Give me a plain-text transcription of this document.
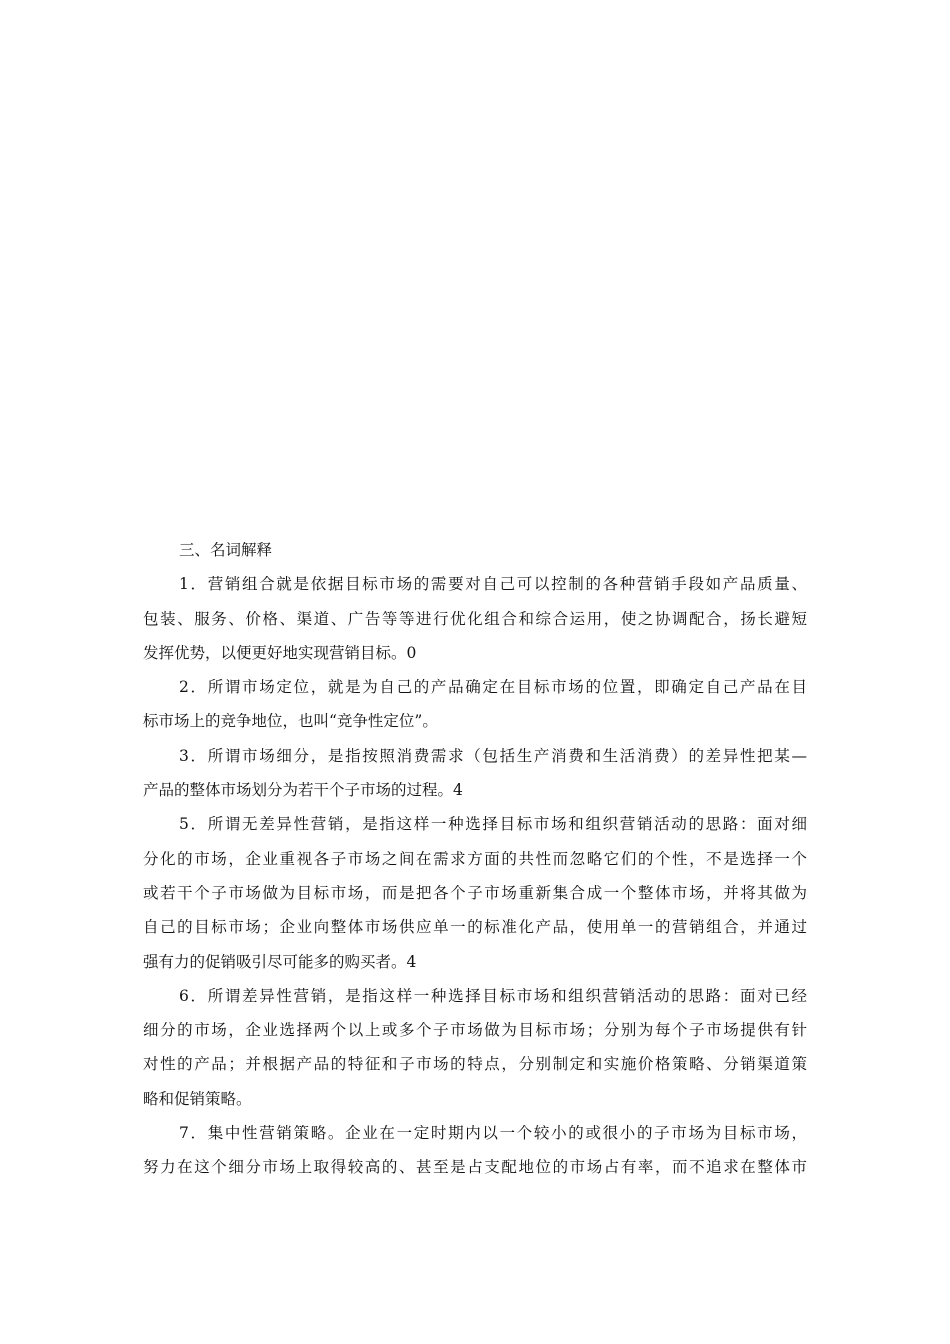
三、名词解释
1．营销组合就是依据目标市场的需要对自己可以控制的各种营销手段如产品质量、
包装、服务、价格、渠道、广告等等进行优化组合和综合运用，使之协调配合，扬长避短
发挥优势，以便更好地实现营销目标。0
2．所谓市场定位，就是为自己的产品确定在目标市场的位置，即确定自己产品在目
标市场上的竞争地位，也叫“竞争性定位”。
3．所谓市场细分，是指按照消费需求（包括生产消费和生活消费）的差异性把某—
产品的整体市场划分为若干个子市场的过程。4
5．所谓无差异性营销，是指这样一种选择目标市场和组织营销活动的思路：面对细
分化的市场，企业重视各子市场之间在需求方面的共性而忽略它们的个性，不是选择一个
或若干个子市场做为目标市场，而是把各个子市场重新集合成一个整体市场，并将其做为
自己的目标市场；企业向整体市场供应单一的标准化产品，使用单一的营销组合，并通过
强有力的促销吸引尽可能多的购买者。4
6．所谓差异性营销，是指这样一种选择目标市场和组织营销活动的思路：面对已经
细分的市场，企业选择两个以上或多个子市场做为目标市场；分别为每个子市场提供有针
对性的产品；并根据产品的特征和子市场的特点，分别制定和实施价格策略、分销渠道策
略和促销策略。
7．集中性营销策略。企业在一定时期内以一个较小的或很小的子市场为目标市场，
努力在这个细分市场上取得较高的、甚至是占支配地位的市场占有率，而不追求在整体市
